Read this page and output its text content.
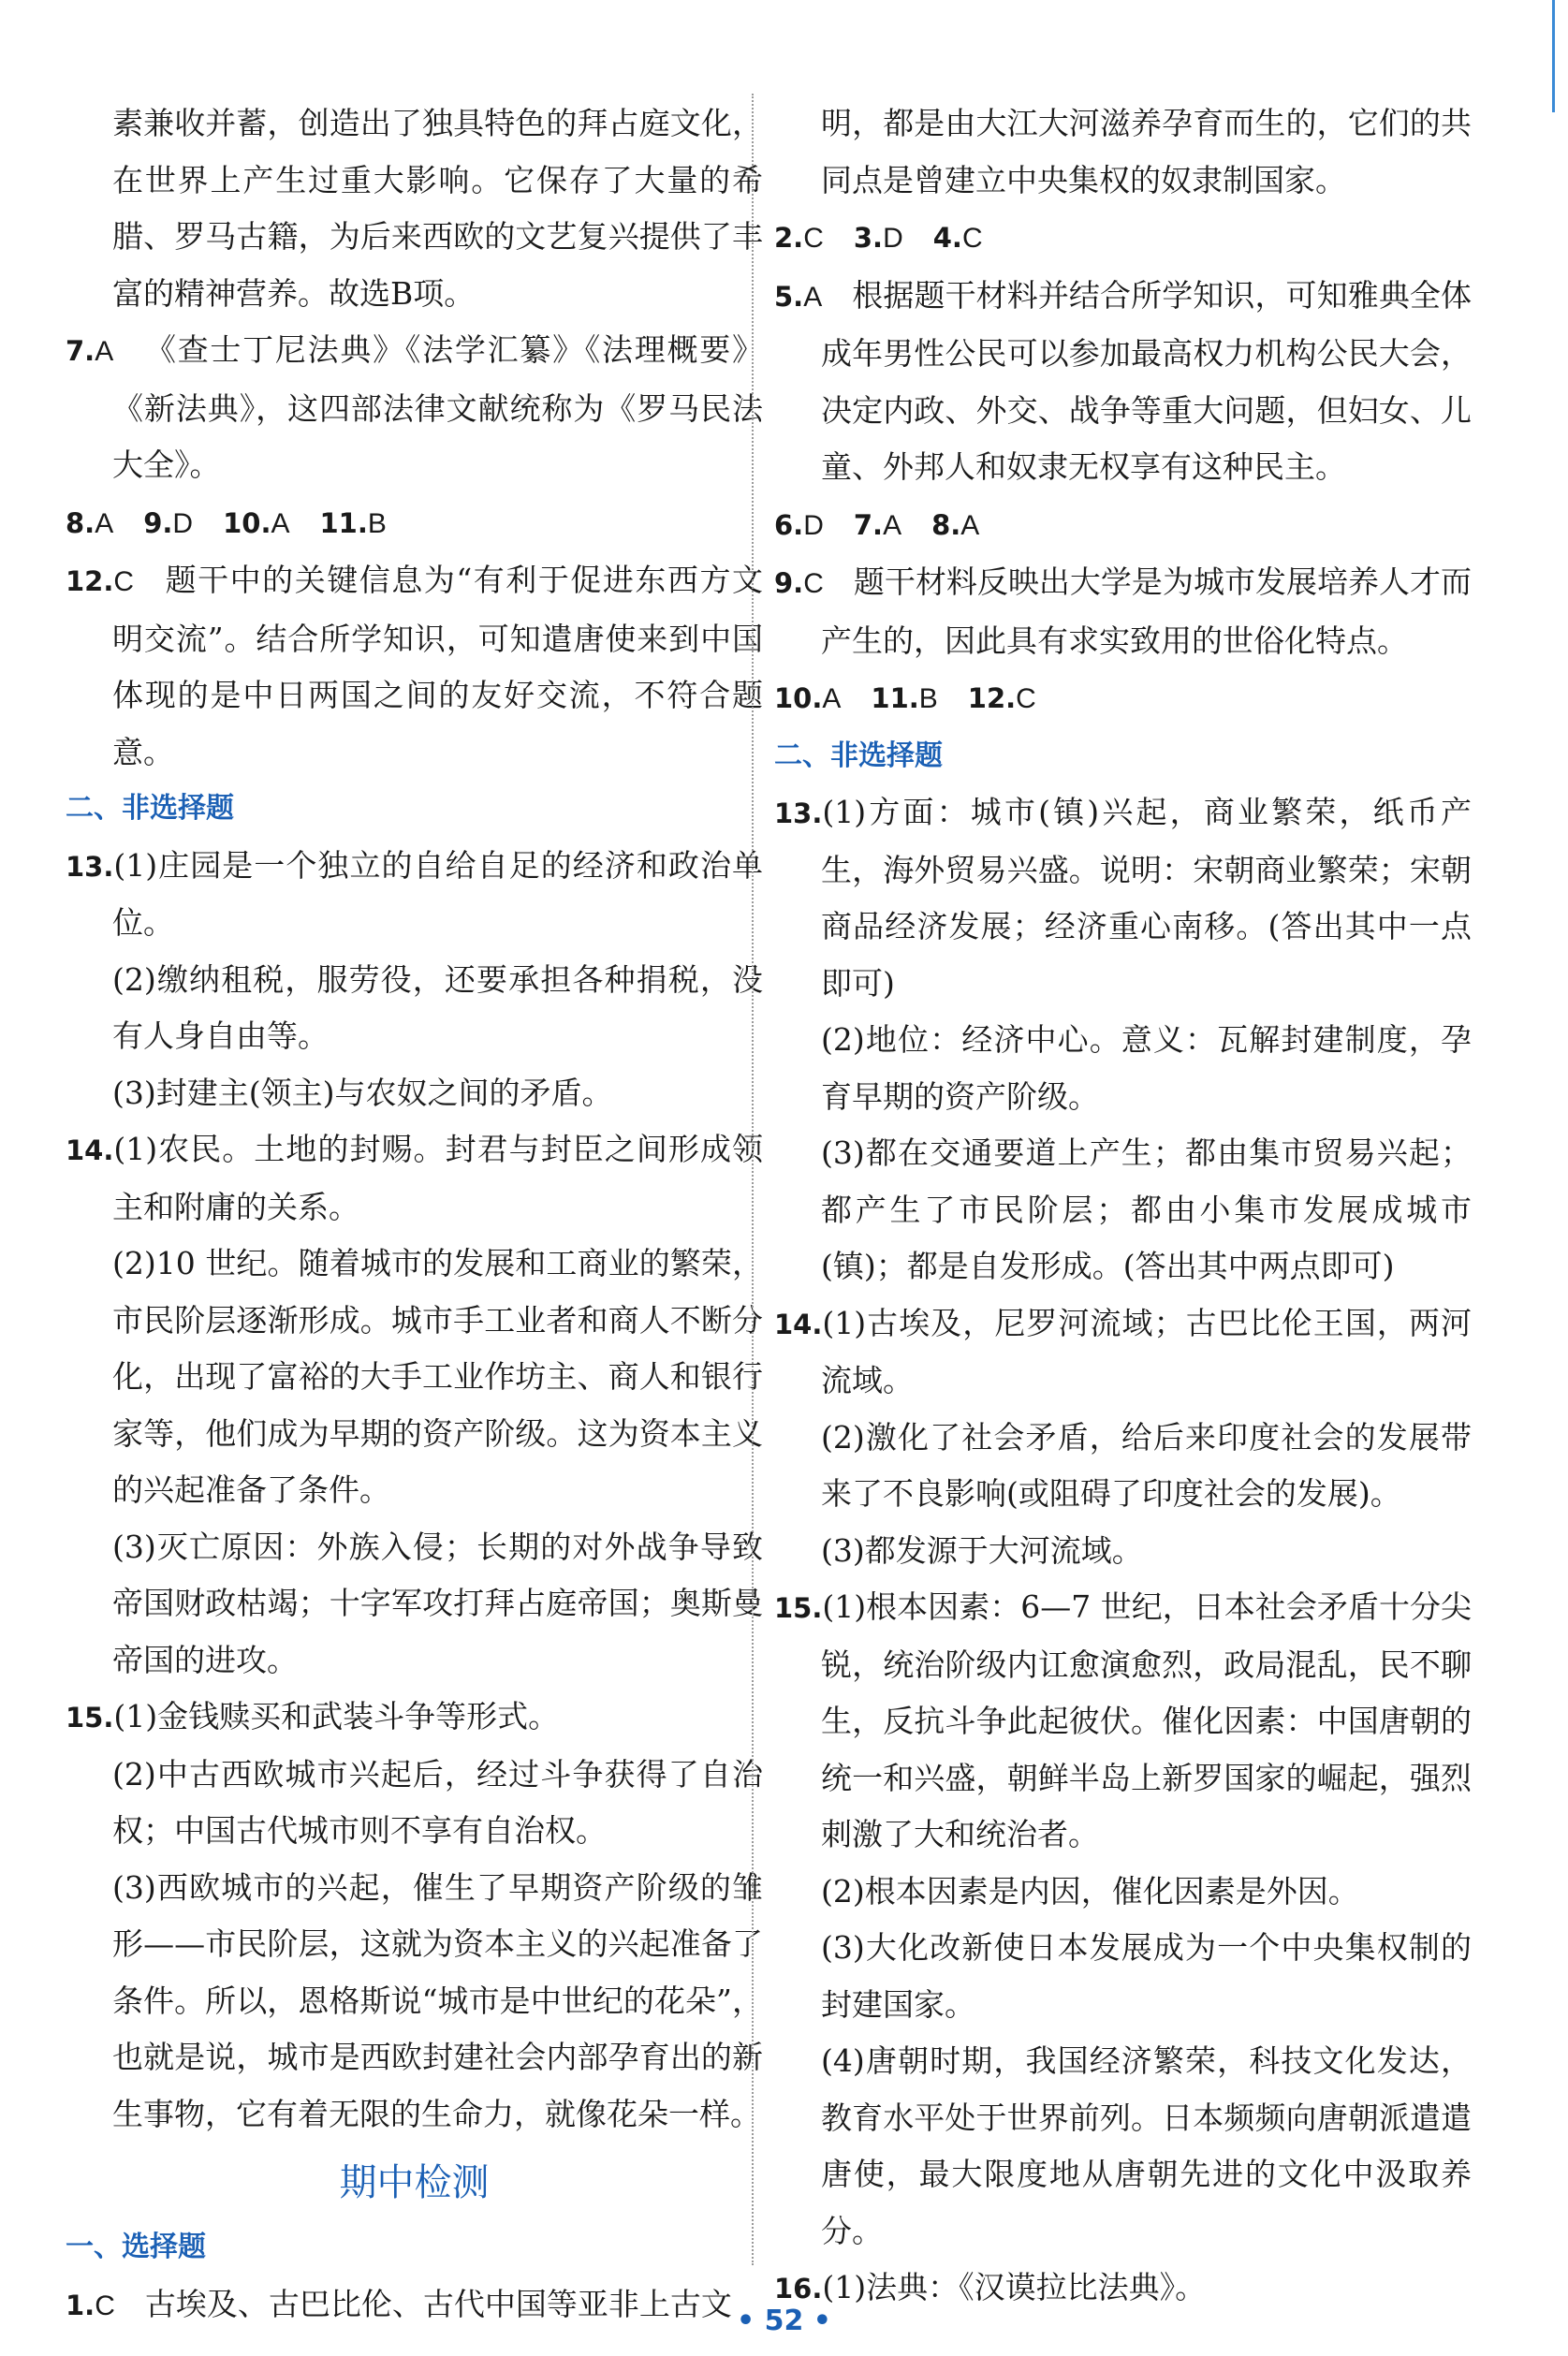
素兼收并蓄，创造出了独具特色的拜占庭文化，在世界上产生过重大影响。它保存了大量的希腊、罗马古籍，为后来西欧的文艺复兴提供了丰富的精神营养。故选B项。

7.A 《查士丁尼法典》《法学汇纂》《法理概要》《新法典》，这四部法律文献统称为《罗马民法大全》。

8.A 9.D 10.A 11.B

12.C 题干中的关键信息为“有利于促进东西方文明交流”。结合所学知识，可知遣唐使来到中国体现的是中日两国之间的友好交流，不符合题意。

二、非选择题

13.(1)庄园是一个独立的自给自足的经济和政治单位。

(2)缴纳租税，服劳役，还要承担各种捐税，没有人身自由等。

(3)封建主(领主)与农奴之间的矛盾。

14.(1)农民。土地的封赐。封君与封臣之间形成领主和附庸的关系。

(2)10 世纪。随着城市的发展和工商业的繁荣，市民阶层逐渐形成。城市手工业者和商人不断分化，出现了富裕的大手工业作坊主、商人和银行家等，他们成为早期的资产阶级。这为资本主义的兴起准备了条件。

(3)灭亡原因：外族入侵；长期的对外战争导致帝国财政枯竭；十字军攻打拜占庭帝国；奥斯曼帝国的进攻。

15.(1)金钱赎买和武装斗争等形式。

(2)中古西欧城市兴起后，经过斗争获得了自治权；中国古代城市则不享有自治权。

(3)西欧城市的兴起，催生了早期资产阶级的雏形——市民阶层，这就为资本主义的兴起准备了条件。所以，恩格斯说“城市是中世纪的花朵”，也就是说，城市是西欧封建社会内部孕育出的新生事物，它有着无限的生命力，就像花朵一样。

期中检测

一、选择题

1.C 古埃及、古巴比伦、古代中国等亚非上古文

明，都是由大江大河滋养孕育而生的，它们的共同点是曾建立中央集权的奴隶制国家。

2.C 3.D 4.C

5.A 根据题干材料并结合所学知识，可知雅典全体成年男性公民可以参加最高权力机构公民大会，决定内政、外交、战争等重大问题，但妇女、儿童、外邦人和奴隶无权享有这种民主。

6.D 7.A 8.A

9.C 题干材料反映出大学是为城市发展培养人才而产生的，因此具有求实致用的世俗化特点。

10.A 11.B 12.C

二、非选择题

13.(1)方面：城市(镇)兴起，商业繁荣，纸币产生，海外贸易兴盛。说明：宋朝商业繁荣；宋朝商品经济发展；经济重心南移。(答出其中一点即可)

(2)地位：经济中心。意义：瓦解封建制度，孕育早期的资产阶级。

(3)都在交通要道上产生；都由集市贸易兴起；都产生了市民阶层；都由小集市发展成城市(镇)；都是自发形成。(答出其中两点即可)

14.(1)古埃及，尼罗河流域；古巴比伦王国，两河流域。

(2)激化了社会矛盾，给后来印度社会的发展带来了不良影响(或阻碍了印度社会的发展)。

(3)都发源于大河流域。

15.(1)根本因素：6—7 世纪，日本社会矛盾十分尖锐，统治阶级内讧愈演愈烈，政局混乱，民不聊生，反抗斗争此起彼伏。催化因素：中国唐朝的统一和兴盛，朝鲜半岛上新罗国家的崛起，强烈刺激了大和统治者。

(2)根本因素是内因，催化因素是外因。

(3)大化改新使日本发展成为一个中央集权制的封建国家。

(4)唐朝时期，我国经济繁荣，科技文化发达，教育水平处于世界前列。日本频频向唐朝派遣遣唐使，最大限度地从唐朝先进的文化中汲取养分。

16.(1)法典：《汉谟拉比法典》。

• 52 •
